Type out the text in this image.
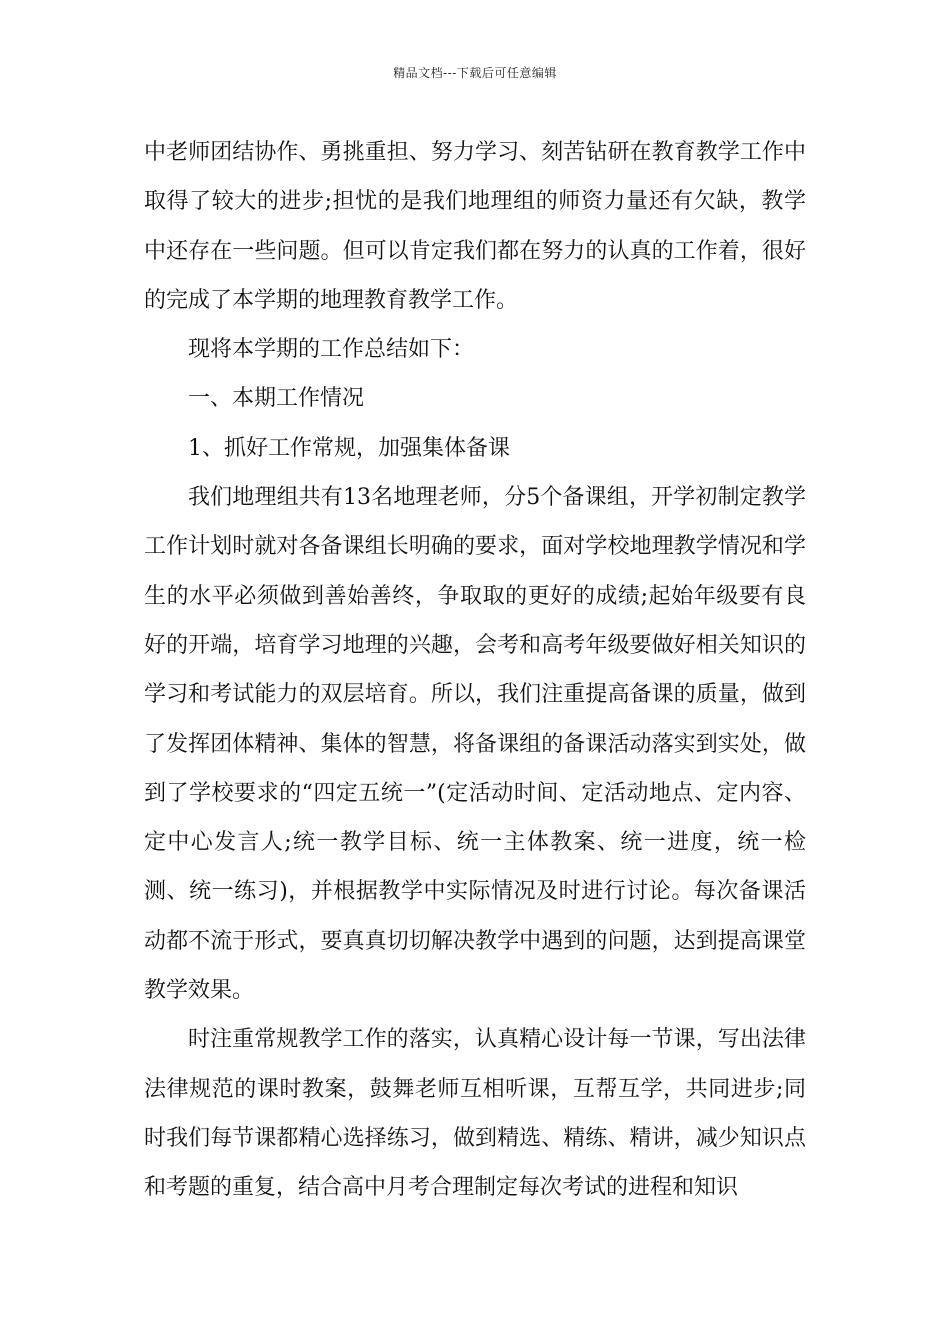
精品文档---下载后可任意编辑

中老师团结协作、勇挑重担、努力学习、刻苦钻研在教育教学工作中取得了较大的进步;担忧的是我们地理组的师资力量还有欠缺，教学中还存在一些问题。但可以肯定我们都在努力的认真的工作着，很好的完成了本学期的地理教育教学工作。

现将本学期的工作总结如下：

一、本期工作情况

1、抓好工作常规，加强集体备课

我们地理组共有13名地理老师，分5个备课组，开学初制定教学工作计划时就对各备课组长明确的要求，面对学校地理教学情况和学生的水平必须做到善始善终，争取取的更好的成绩;起始年级要有良好的开端，培育学习地理的兴趣，会考和高考年级要做好相关知识的学习和考试能力的双层培育。所以，我们注重提高备课的质量，做到了发挥团体精神、集体的智慧，将备课组的备课活动落实到实处，做到了学校要求的“四定五统一”(定活动时间、定活动地点、定内容、定中心发言人;统一教学目标、统一主体教案、统一进度，统一检测、统一练习)，并根据教学中实际情况及时进行讨论。每次备课活动都不流于形式，要真真切切解决教学中遇到的问题，达到提高课堂教学效果。

时注重常规教学工作的落实，认真精心设计每一节课，写出法律法律规范的课时教案，鼓舞老师互相听课，互帮互学，共同进步;同时我们每节课都精心选择练习，做到精选、精练、精讲，减少知识点和考题的重复，结合高中月考合理制定每次考试的进程和知识
